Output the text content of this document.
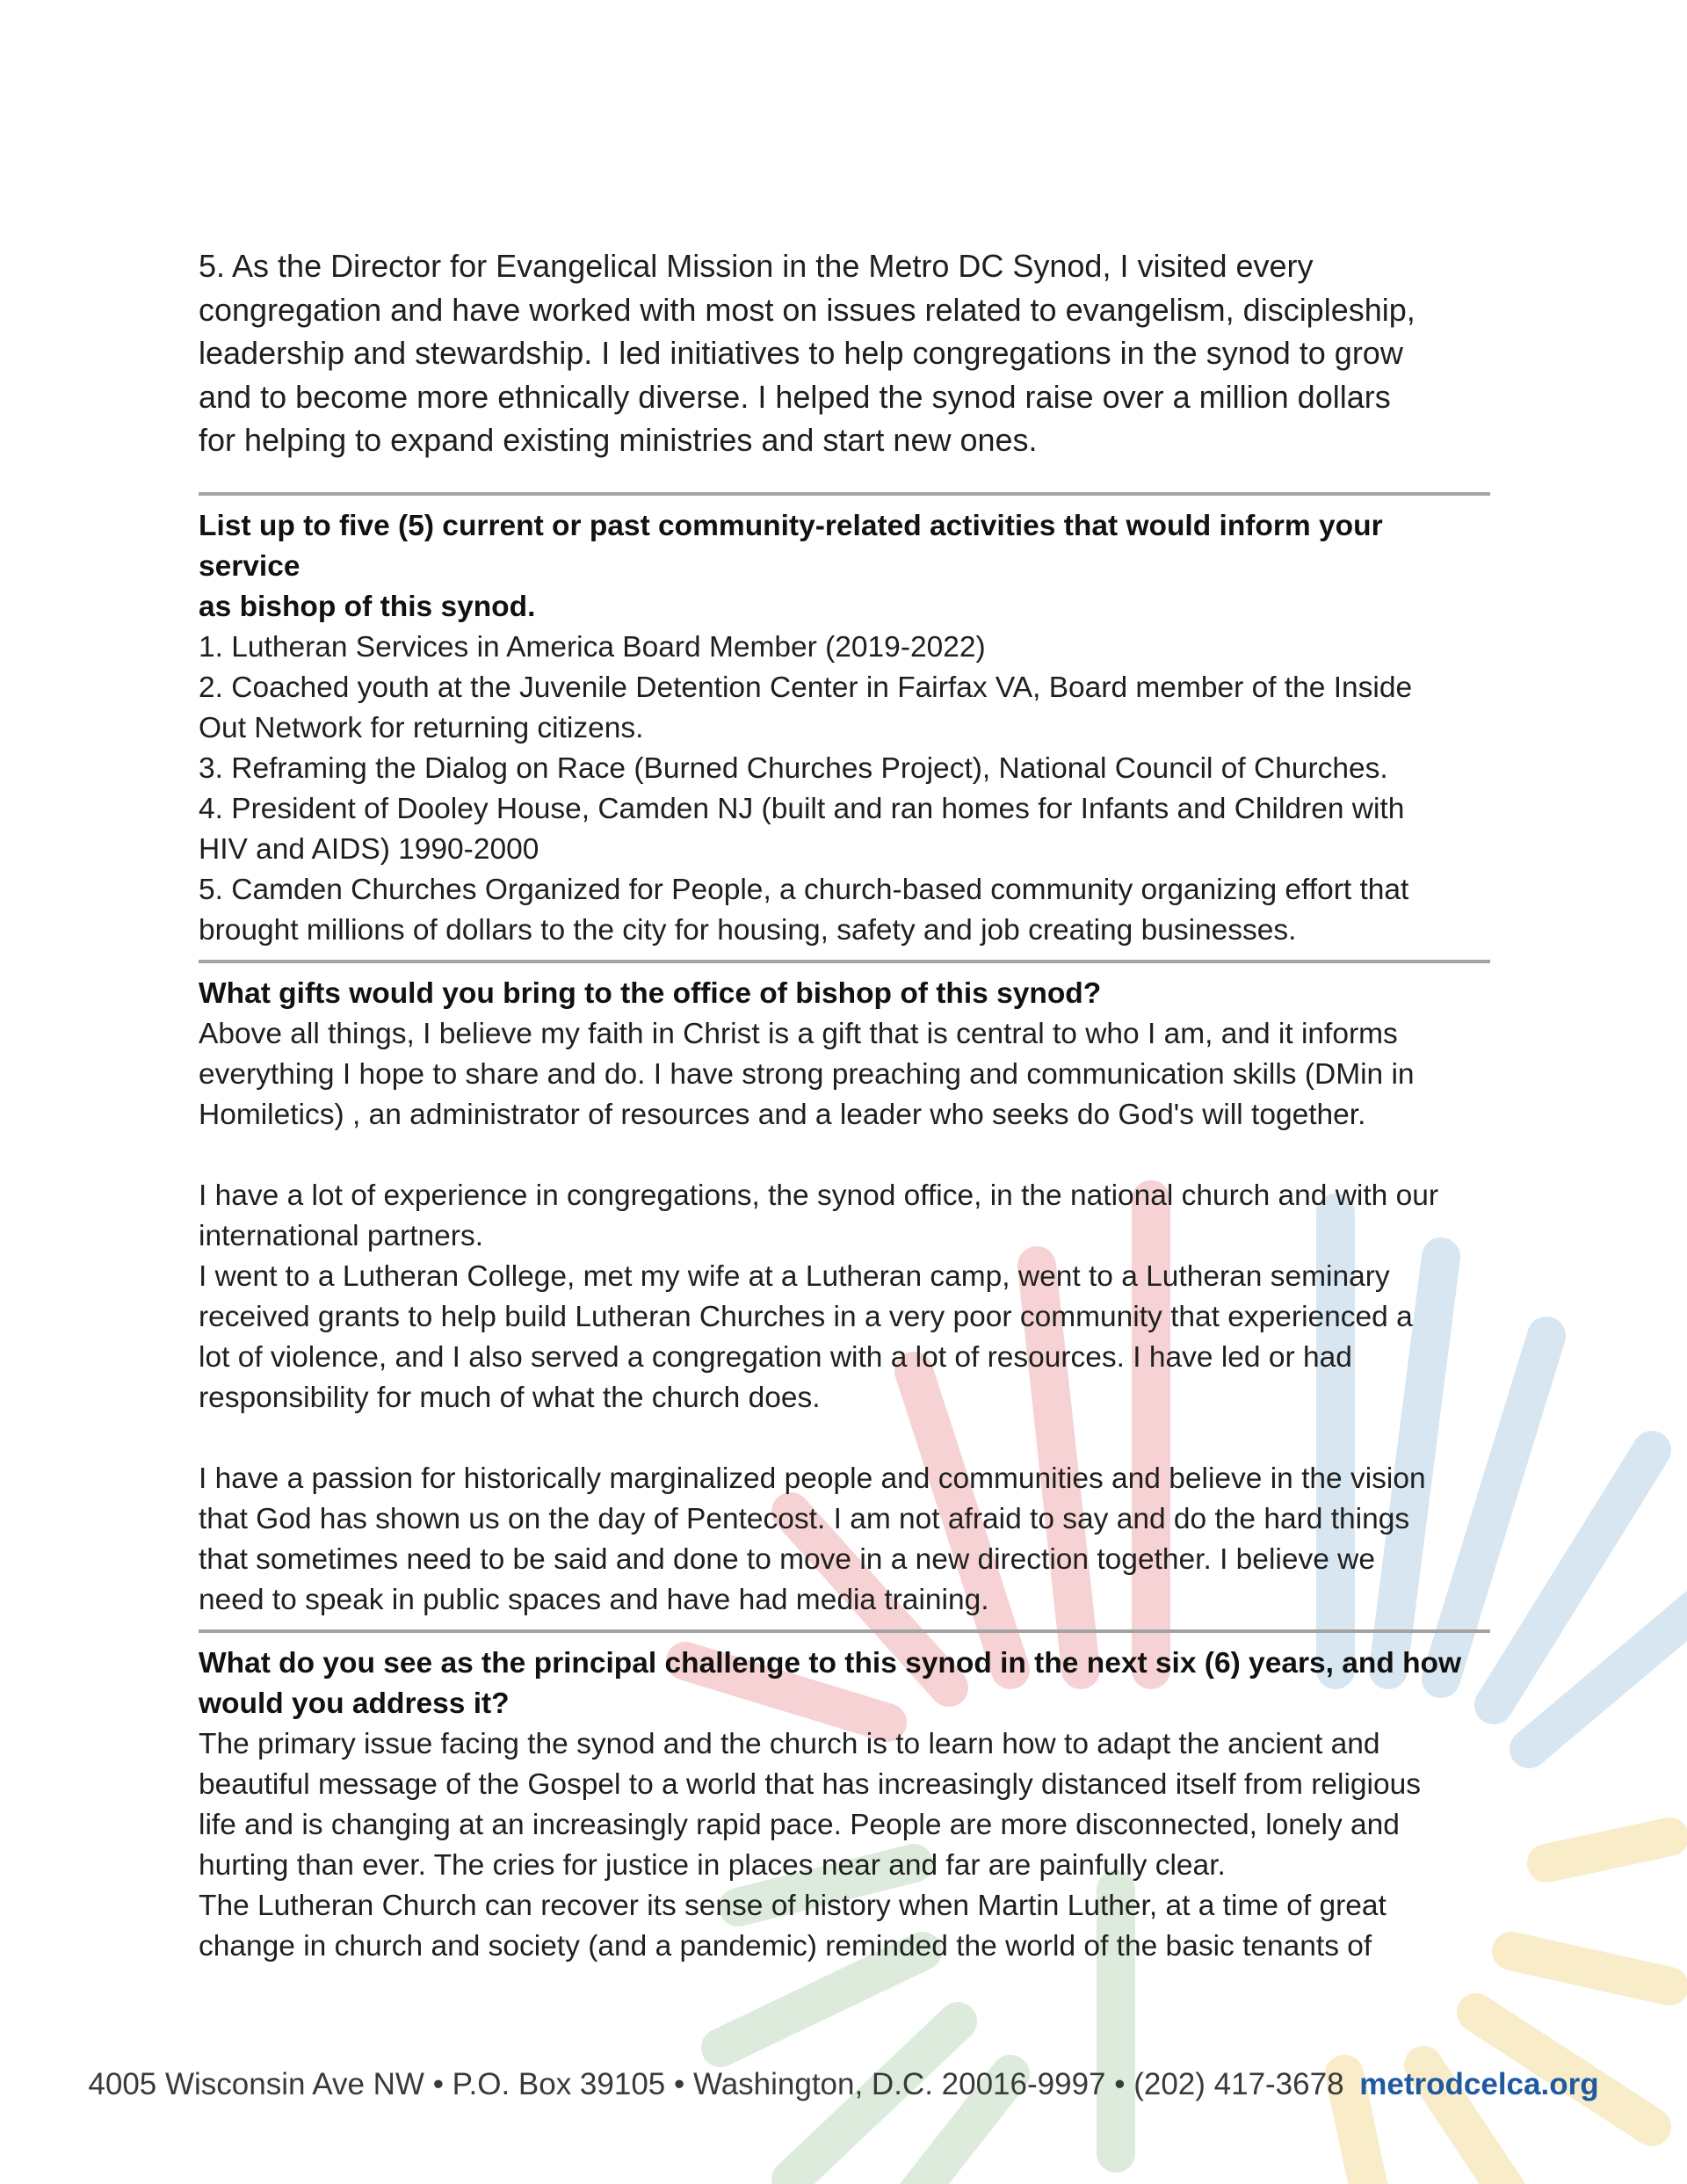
5. As the Director for Evangelical Mission in the Metro DC Synod, I visited every

congregation and have worked with most on issues related to evangelism, discipleship,

leadership and stewardship. I led initiatives to help congregations in the synod to grow

and to become more ethnically diverse. I helped the synod raise over a million dollars

for helping to expand existing ministries and start new ones.

List up to five (5) current or past community-related activities that would inform your service
as bishop of this synod.

1. Lutheran Services in America Board Member (2019-2022)

2. Coached youth at the Juvenile Detention Center in Fairfax VA, Board member of the Inside

Out Network for returning citizens.

3. Reframing the Dialog on Race (Burned Churches Project), National Council of Churches.

4. President of Dooley House, Camden NJ (built and ran homes for Infants and Children with

HIV and AIDS) 1990-2000

5. Camden Churches Organized for People, a church-based community organizing effort that

brought millions of dollars to the city for housing, safety and job creating businesses.

What gifts would you bring to the office of bishop of this synod?

Above all things, I believe my faith in Christ is a gift that is central to who I am, and it informs

everything I hope to share and do. I have strong preaching and communication skills (DMin in

Homiletics) , an administrator of resources and a leader who seeks do God's will together.

I have a lot of experience in congregations, the synod office, in the national church and with our

international partners.

I went to a Lutheran College, met my wife at a Lutheran camp, went to a Lutheran seminary

received grants to help build Lutheran Churches in a very poor community that experienced a

lot of violence, and I also served a congregation with a lot of resources. I have led or had

responsibility for much of what the church does.

I have a passion for historically marginalized people and communities and believe in the vision

that God has shown us on the day of Pentecost. I am not afraid to say and do the hard things

that sometimes need to be said and done to move in a new direction together. I believe we

need to speak in public spaces and have had media training.

What do you see as the principal challenge to this synod in the next six (6) years, and how
would you address it?

The primary issue facing the synod and the church is to learn how to adapt the ancient and

beautiful message of the Gospel to a world that has increasingly distanced itself from religious

life and is changing at an increasingly rapid pace. People are more disconnected, lonely and

hurting than ever. The cries for justice in places near and far are painfully clear.

The Lutheran Church can recover its sense of history when Martin Luther, at a time of great

change in church and society (and a pandemic) reminded the world of the basic tenants of

4005 Wisconsin Ave NW • P.O. Box 39105 • Washington, D.C. 20016-9997 • (202) 417-3678 metrodcelca.org
